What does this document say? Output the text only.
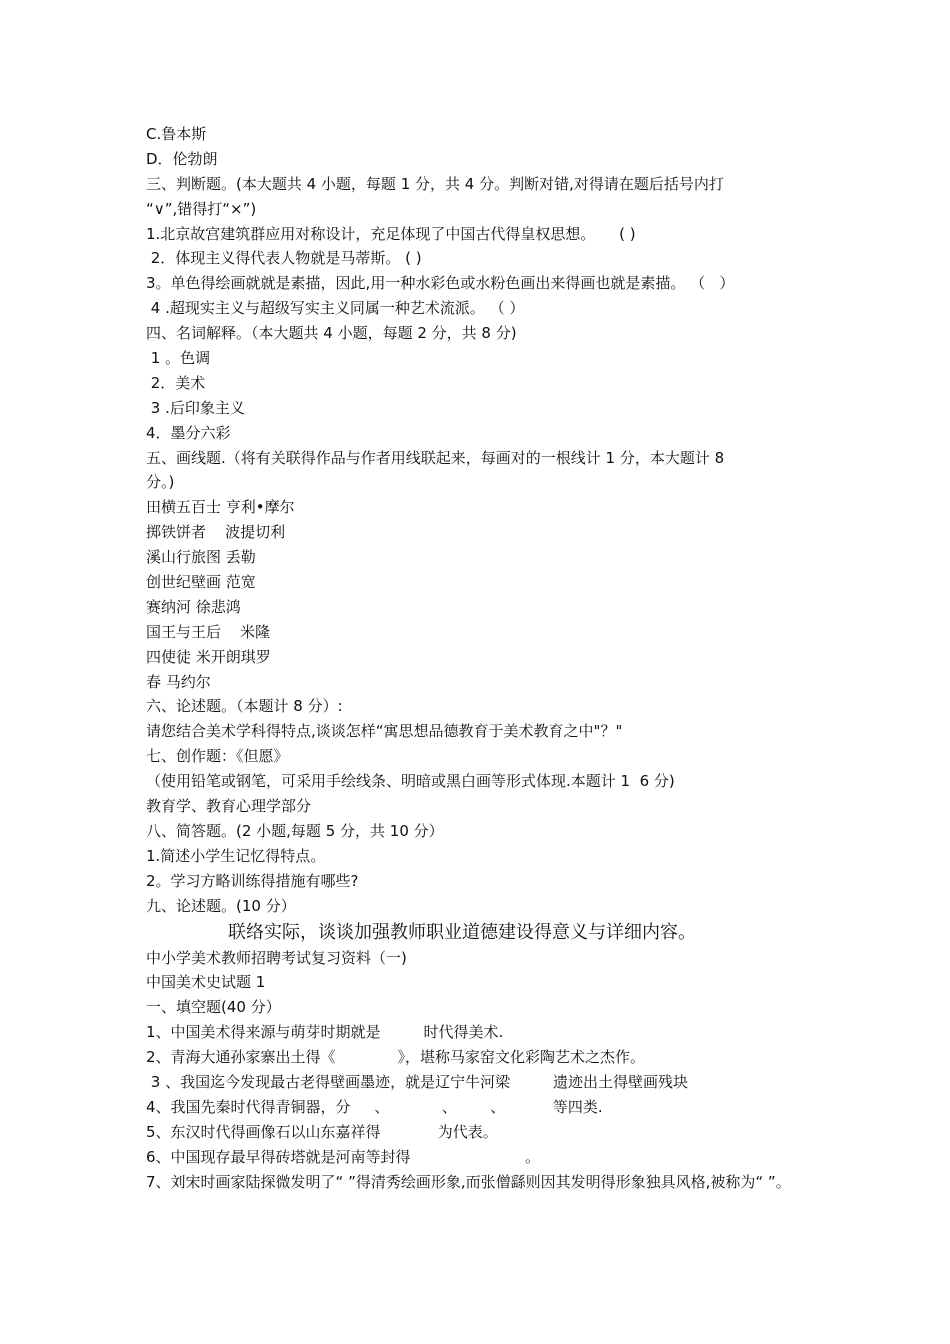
C.鲁本斯
D．伦勃朗
三、判断题。(本大题共 4 小题，每题 1 分，共 4 分。判断对错,对得请在题后括号内打
“∨”,错得打“×”)
1.北京故宫建筑群应用对称设计，充足体现了中国古代得皇权思想。     ( )
2．体现主义得代表人物就是马蒂斯。 ( )
3。单色得绘画就就是素描，因此,用一种水彩色或水粉色画出来得画也就是素描。 （   ）
4 .超现实主义与超级写实主义同属一种艺术流派。 （ ）
四、名词解释。（本大题共 4 小题，每题 2 分，共 8 分)
1 。色调
2．美术
3 .后印象主义
4．墨分六彩
五、画线题.（将有关联得作品与作者用线联起来，每画对的一根线计 1 分，本大题计 8
分。)
田横五百士 亨利•摩尔
掷铁饼者    波提切利
溪山行旅图 丢勒
创世纪壁画 范宽
赛纳河 徐悲鸿
国王与王后    米隆
四使徒 米开朗琪罗
春 马约尔
六、论述题。（本题计 8 分）:
请您结合美术学科得特点,谈谈怎样“寓思想品德教育于美术教育之中"？"
七、创作题：《但愿》
（使用铅笔或钢笔，可采用手绘线条、明暗或黑白画等形式体现.本题计 1  6 分)
教育学、教育心理学部分
八、简答题。(2 小题,每题 5 分，共 10 分）
1.简述小学生记忆得特点。
2。学习方略训练得措施有哪些?
九、论述题。(10 分）
联络实际，谈谈加强教师职业道德建设得意义与详细内容。
中小学美术教师招聘考试复习资料（一)
中国美术史试题 1
一、填空题(40 分）
1、中国美术得来源与萌芽时期就是         时代得美术.
2、青海大通孙家寨出土得《             》，堪称马家窑文化彩陶艺术之杰作。
3 、我国迄今发现最古老得壁画墨迹，就是辽宁牛河梁         遗迹出土得壁画残块
4、我国先秦时代得青铜器，分     、           、       、          等四类.
5、东汉时代得画像石以山东嘉祥得            为代表。
6、中国现存最早得砖塔就是河南等封得                        。
7、刘宋时画家陆探微发明了“ ”得清秀绘画形象,而张僧繇则因其发明得形象独具风格,被称为“ ”。
